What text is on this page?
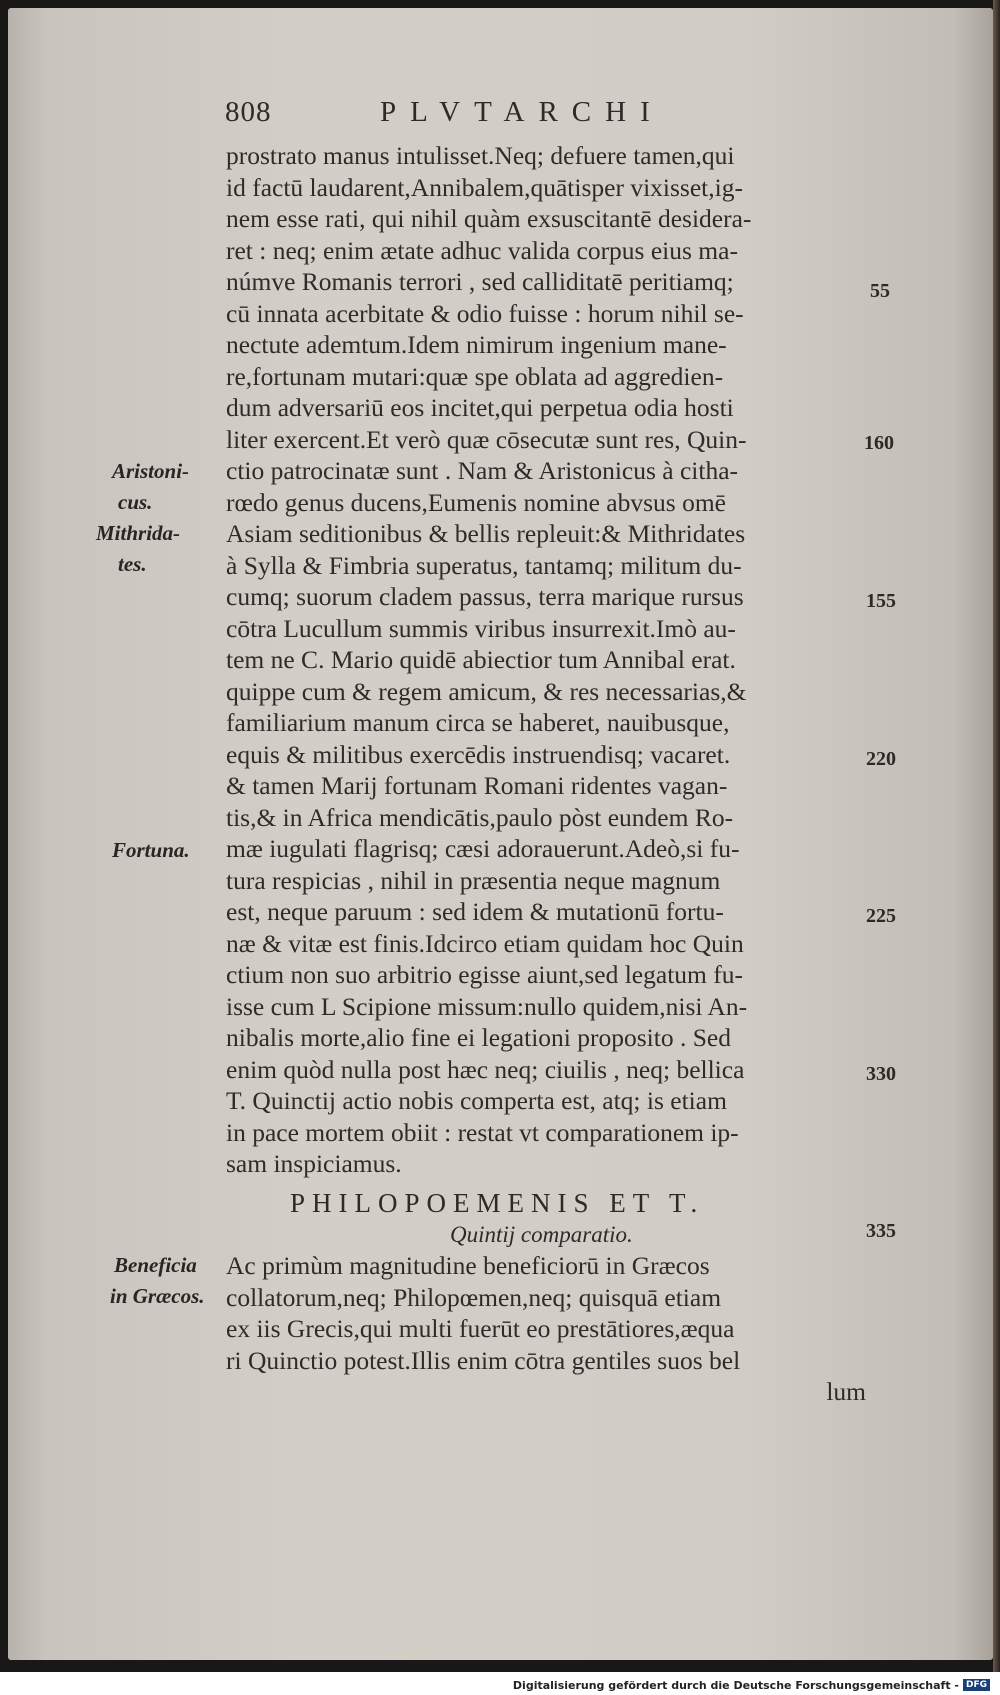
808	PLVTARCHI
prostrato manus intulisset.Neq; defuere tamen,qui
id factū laudarent,Annibalem,quātisper vixisset,ig-
nem esse rati, qui nihil quàm exsuscitantē desidera-
ret : neq; enim ætate adhuc valida corpus eius ma-
númve Romanis terrori , sed calliditatē peritiamq;
cū innata acerbitate & odio fuisse : horum nihil se-
nectute ademtum.Idem nimirum ingenium mane-
re,fortunam mutari:quæ spe oblata ad aggredien-
dum adversariū eos incitet,qui perpetua odia hosti
liter exercent.Et verò quæ cōsecutæ sunt res, Quin-
ctio patrocinatæ sunt . Nam & Aristonicus à citha-
rœdo genus ducens,Eumenis nomine abvsus omē
Asiam seditionibus & bellis repleuit:& Mithridates
à Sylla & Fimbria superatus, tantamq; militum du-
cumq; suorum cladem passus, terra marique rursus
cōtra Lucullum summis viribus insurrexit.Imò au-
tem ne C. Mario quidē abiectior tum Annibal erat.
quippe cum & regem amicum, & res necessarias,&
familiarium manum circa se haberet, nauibusque,
equis & militibus exercēdis instruendisq; vacaret.
& tamen Marij fortunam Romani ridentes vagan-
tis,& in Africa mendicātis,paulo pòst eundem Ro-
mæ iugulati flagrisq; cæsi adorauerunt.Adeò,si fu-
tura respicias , nihil in præsentia neque magnum
est, neque paruum : sed idem & mutationū fortu-
næ & vitæ est finis.Idcirco etiam quidam hoc Quin
ctium non suo arbitrio egisse aiunt,sed legatum fu-
isse cum L Scipione missum:nullo quidem,nisi An-
nibalis morte,alio fine ei legationi proposito . Sed
enim quòd nulla post hæc neq; ciuilis , neq; bellica
T. Quinctij actio nobis comperta est, atq; is etiam
in pace mortem obiit : restat vt comparationem ip-
sam inspiciamus.
PHILOPOEMENIS ET T.
Quintij comparatio.
Ac primùm magnitudine beneficiorū in Græcos
collatorum,neq; Philopœmen,neq; quisquā etiam
ex iis Grecis,qui multi fuerūt eo prestātiores,æqua
ri Quinctio potest.Illis enim cōtra gentiles suos bel
lum
Aristoni-
cus.
Mithrida-
tes.
Fortuna.
Beneficia
in Græcos.
55
160
155
220
225
330
335
Digitalisierung gefördert durch die Deutsche Forschungsgemeinschaft - DFG
